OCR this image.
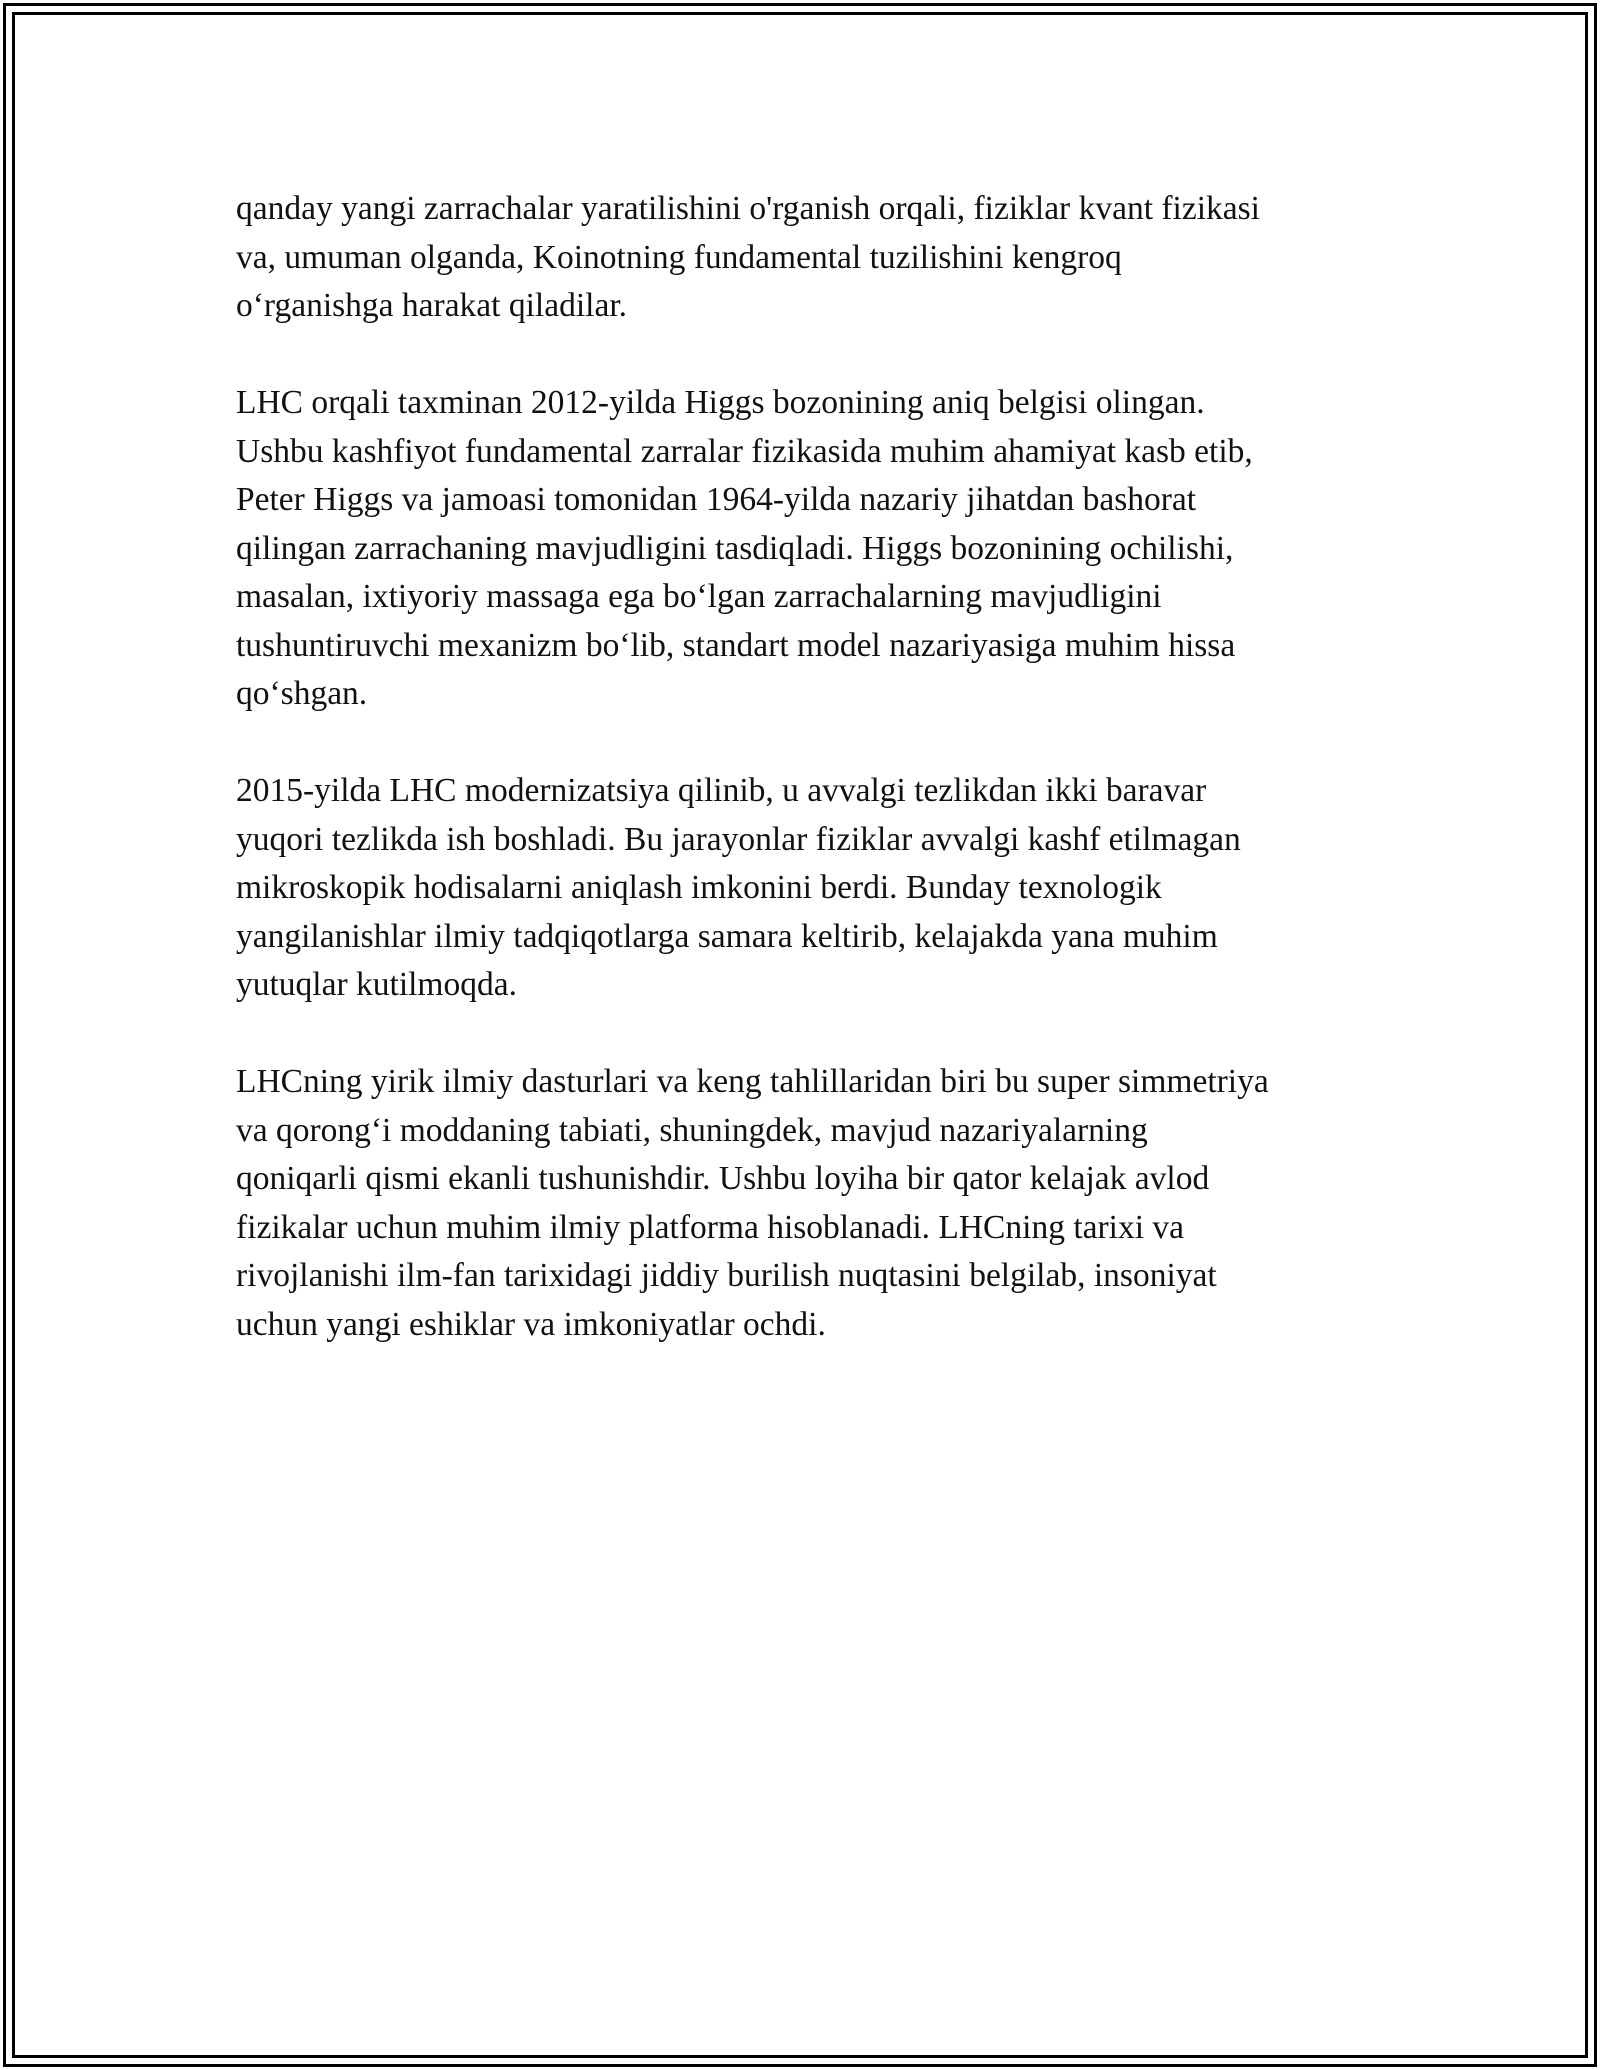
qanday yangi zarrachalar yaratilishini o'rganish orqali, fiziklar kvant fizikasi
va, umuman olganda, Koinotning fundamental tuzilishini kengroq
o‘rganishga harakat qiladilar.

LHC orqali taxminan 2012-yilda Higgs bozonining aniq belgisi olingan.
Ushbu kashfiyot fundamental zarralar fizikasida muhim ahamiyat kasb etib,
Peter Higgs va jamoasi tomonidan 1964-yilda nazariy jihatdan bashorat
qilingan zarrachaning mavjudligini tasdiqladi. Higgs bozonining ochilishi,
masalan, ixtiyoriy massaga ega bo‘lgan zarrachalarning mavjudligini
tushuntiruvchi mexanizm bo‘lib, standart model nazariyasiga muhim hissa
qo‘shgan.

2015-yilda LHC modernizatsiya qilinib, u avvalgi tezlikdan ikki baravar
yuqori tezlikda ish boshladi. Bu jarayonlar fiziklar avvalgi kashf etilmagan
mikroskopik hodisalarni aniqlash imkonini berdi. Bunday texnologik
yangilanishlar ilmiy tadqiqotlarga samara keltirib, kelajakda yana muhim
yutuqlar kutilmoqda.

LHCning yirik ilmiy dasturlari va keng tahlillaridan biri bu super simmetriya
va qorong‘i moddaning tabiati, shuningdek, mavjud nazariyalarning
qoniqarli qismi ekanli tushunishdir. Ushbu loyiha bir qator kelajak avlod
fizikalar uchun muhim ilmiy platforma hisoblanadi. LHCning tarixi va
rivojlanishi ilm-fan tarixidagi jiddiy burilish nuqtasini belgilab, insoniyat
uchun yangi eshiklar va imkoniyatlar ochdi.
